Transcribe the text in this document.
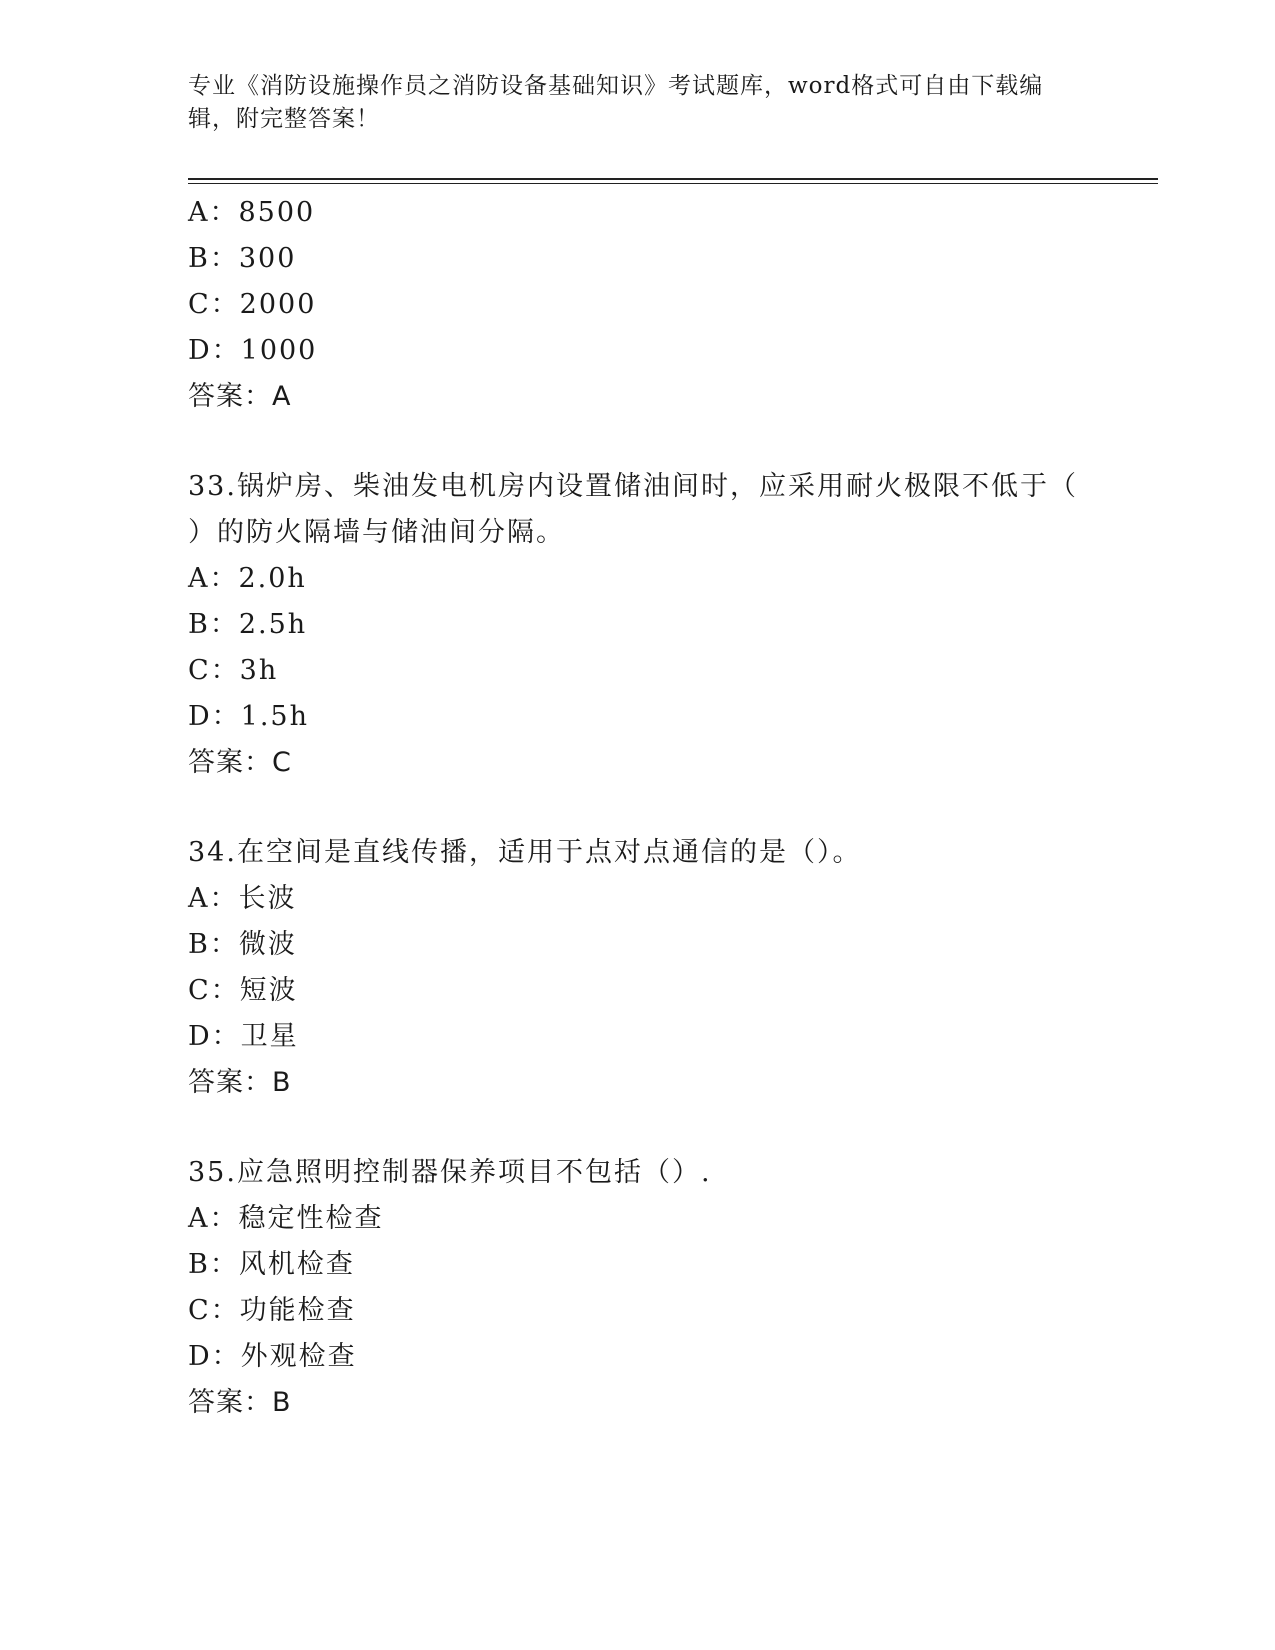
专业《消防设施操作员之消防设备基础知识》考试题库，word格式可自由下载编
辑，附完整答案！
A：8500
B：300
C：2000
D：1000
答案：A
33.锅炉房、柴油发电机房内设置储油间时，应采用耐火极限不低于（
）的防火隔墙与储油间分隔。
A：2.0h
B：2.5h
C：3h
D：1.5h
答案：C
34.在空间是直线传播，适用于点对点通信的是（）。
A：长波
B：微波
C：短波
D：卫星
答案：B
35.应急照明控制器保养项目不包括（）.
A：稳定性检查
B：风机检查
C：功能检查
D：外观检查
答案：B
